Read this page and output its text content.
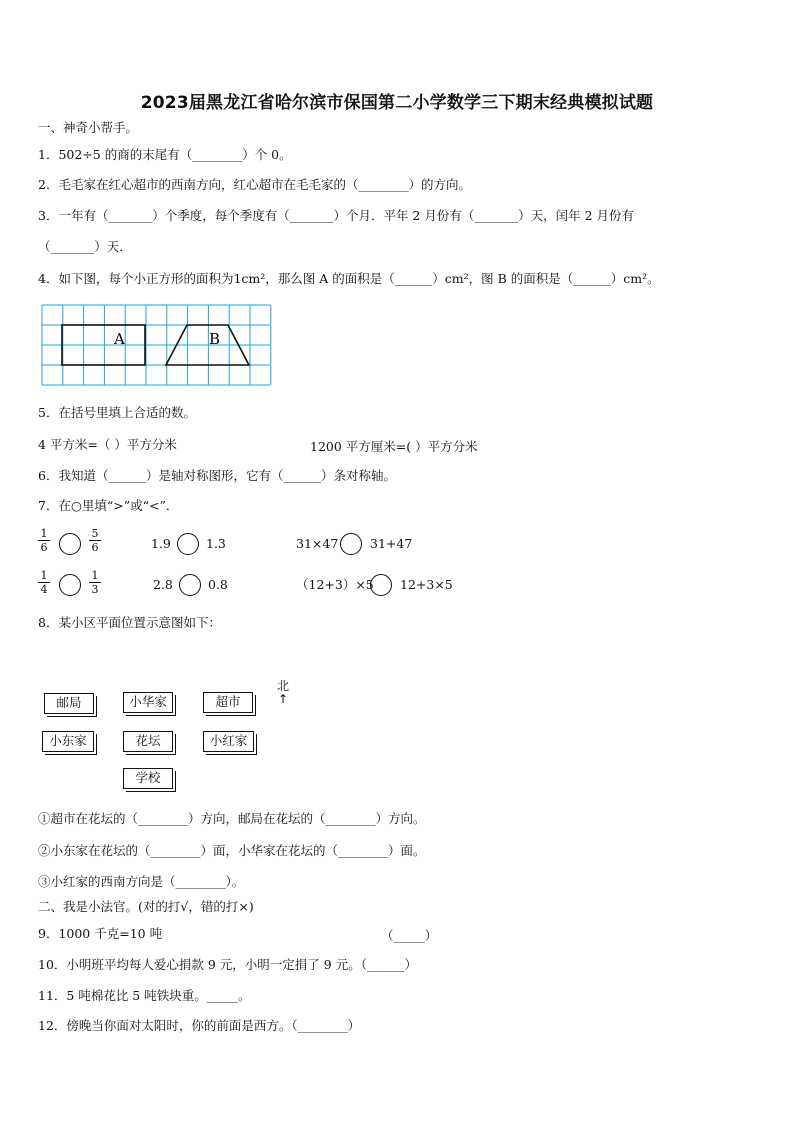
2023届黑龙江省哈尔滨市保国第二小学数学三下期末经典模拟试题
一、神奇小帮手。
1．502÷5 的商的末尾有（________）个 0。
2．毛毛家在红心超市的西南方向，红心超市在毛毛家的（________）的方向。
3．一年有（_______）个季度，每个季度有（_______）个月．平年 2 月份有（_______）天，闰年 2 月份有
（_______）天．
4．如下图，每个小正方形的面积为1cm²，那么图 A 的面积是（______）cm²，图 B 的面积是（______）cm²。
A	B
5．在括号里填上合适的数。
4 平方米=（ ）平方分米	1200 平方厘米=( ）平方分米
6．我知道（______）是轴对称图形，它有（______）条对称轴。
7．在○里填“>”或“<”．
$\frac{1}{6}$	$\frac{5}{6}$	1.9	1.3	31×47	31+47
$\frac{1}{4}$	$\frac{1}{3}$	2.8	0.8	（12+3）×5 12+3×5
8．某小区平面位置示意图如下：
北
↑
邮局	小华家	超市
小东家	花坛	小红家
学校
①超市在花坛的（________）方向，邮局在花坛的（________）方向。
②小东家在花坛的（________）面，小华家在花坛的（________）面。
③小红家的西南方向是（________）。
二、我是小法官。(对的打√，错的打×)
9．1000 千克=10 吨	（_____）
10．小明班平均每人爱心捐款 9 元，小明一定捐了 9 元。（______）
11．5 吨棉花比 5 吨铁块重。_____。
12．傍晚当你面对太阳时，你的前面是西方。（________）
